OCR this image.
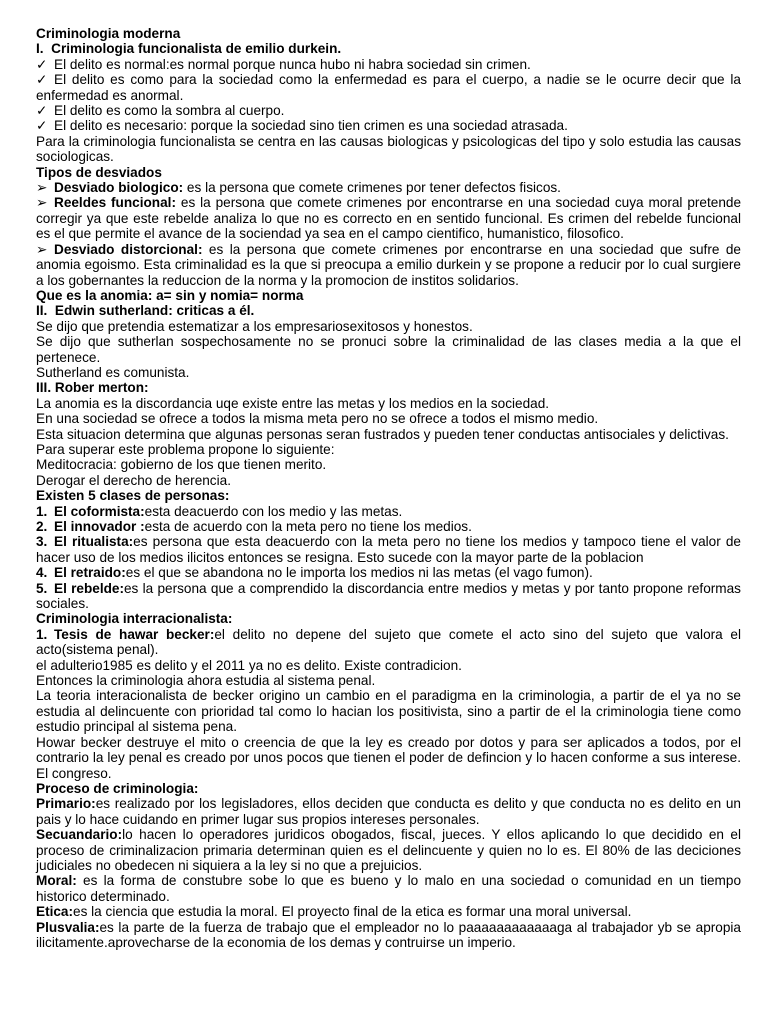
Criminologia moderna

I. Criminologia funcionalista de emilio durkein.

✓ El delito es normal:es normal porque nunca hubo ni habra sociedad sin crimen.

✓ El delito es como para la sociedad como la enfermedad es para el cuerpo, a nadie se le ocurre decir que la enfermedad es anormal.

✓ El delito es como la sombra al cuerpo.

✓ El delito es necesario: porque la sociedad sino tien crimen es una sociedad atrasada.

Para la criminologia funcionalista se centra en las causas biologicas y psicologicas del tipo y solo estudia las causas sociologicas.

Tipos de desviados

➢ Desviado biologico: es la persona que comete crimenes por tener defectos fisicos.

➢ Reeldes funcional: es la persona que comete crimenes por encontrarse en una sociedad cuya moral pretende corregir ya que este rebelde analiza lo que no es correcto en en sentido funcional. Es crimen del rebelde funcional es el que permite el avance de la sociendad ya sea en el campo cientifico, humanistico, filosofico.

➢ Desviado distorcional: es la persona que comete crimenes por encontrarse en una sociedad que sufre de anomia egoismo. Esta criminalidad es la que si preocupa a emilio durkein y se propone a reducir por lo cual surgiere a los gobernantes la reduccion de la norma y la promocion de institos solidarios.

Que es la anomia: a= sin y nomia= norma

II. Edwin sutherland: criticas a él.

Se dijo que pretendia estematizar a los empresariosexitosos y honestos.

Se dijo que sutherlan sospechosamente no se pronuci sobre la criminalidad de las clases media a la que el pertenece.

Sutherland es comunista.

III. Rober merton:

La anomia es la discordancia uqe existe entre las metas y los medios en la sociedad.

En una sociedad se ofrece a todos la misma meta pero no se ofrece a todos el mismo medio.

Esta situacion determina que algunas personas seran fustrados y pueden tener conductas antisociales y delictivas.

Para superar este problema propone lo siguiente:

Meditocracia: gobierno de los que tienen merito.

Derogar el derecho de herencia.

Existen 5 clases de personas:

1. El coformista:esta deacuerdo con los medio y las metas.

2. El innovador :esta de acuerdo con la meta pero no tiene los medios.

3. El ritualista:es persona que esta deacuerdo con la meta pero no tiene los medios y tampoco tiene el valor de hacer uso de los medios ilicitos entonces se resigna. Esto sucede con la mayor parte de la poblacion

4. El retraido:es el que se abandona no le importa los medios ni las metas (el vago fumon).

5. El rebelde:es la persona que a comprendido la discordancia entre medios y metas y por tanto propone reformas sociales.

Criminologia interracionalista:

1. Tesis de hawar becker:el delito no depene del sujeto que comete el acto sino del sujeto que valora el acto(sistema penal).

el adulterio1985 es delito y el 2011 ya no es delito. Existe contradicion.

Entonces la criminologia ahora estudia al sistema penal.

La teoria interacionalista de becker origino un cambio en el paradigma en la criminologia, a partir de el ya no se estudia al delincuente con prioridad tal como lo hacian los positivista, sino a partir de el la criminologia tiene como estudio principal al sistema pena.

Howar becker destruye el mito o creencia de que la ley es creado por dotos y para ser aplicados a todos, por el contrario la ley penal es creado por unos pocos que tienen el poder de defincion y lo hacen conforme a sus interese. El congreso.

Proceso de criminologia:

Primario:es realizado por los legisladores, ellos deciden que conducta es delito y que conducta no es delito en un pais y lo hace cuidando en primer lugar sus propios intereses personales.

Secuandario:lo hacen lo operadores juridicos obogados, fiscal, jueces. Y ellos aplicando lo que decidido en el proceso de criminalizacion primaria determinan quien es el delincuente y quien no lo es. El 80% de las deciciones judiciales no obedecen ni siquiera a la ley si no que a prejuicios.

Moral: es la forma de constubre sobe lo que es bueno y lo malo en una sociedad o comunidad en un tiempo historico determinado.

Etica:es la ciencia que estudia la moral. El proyecto final de la etica es formar una moral universal.

Plusvalia:es la parte de la fuerza de trabajo que el empleador no lo paaaaaaaaaaaaga al trabajador yb se apropia ilicitamente.aprovecharse de la economia de los demas y contruirse un imperio.
